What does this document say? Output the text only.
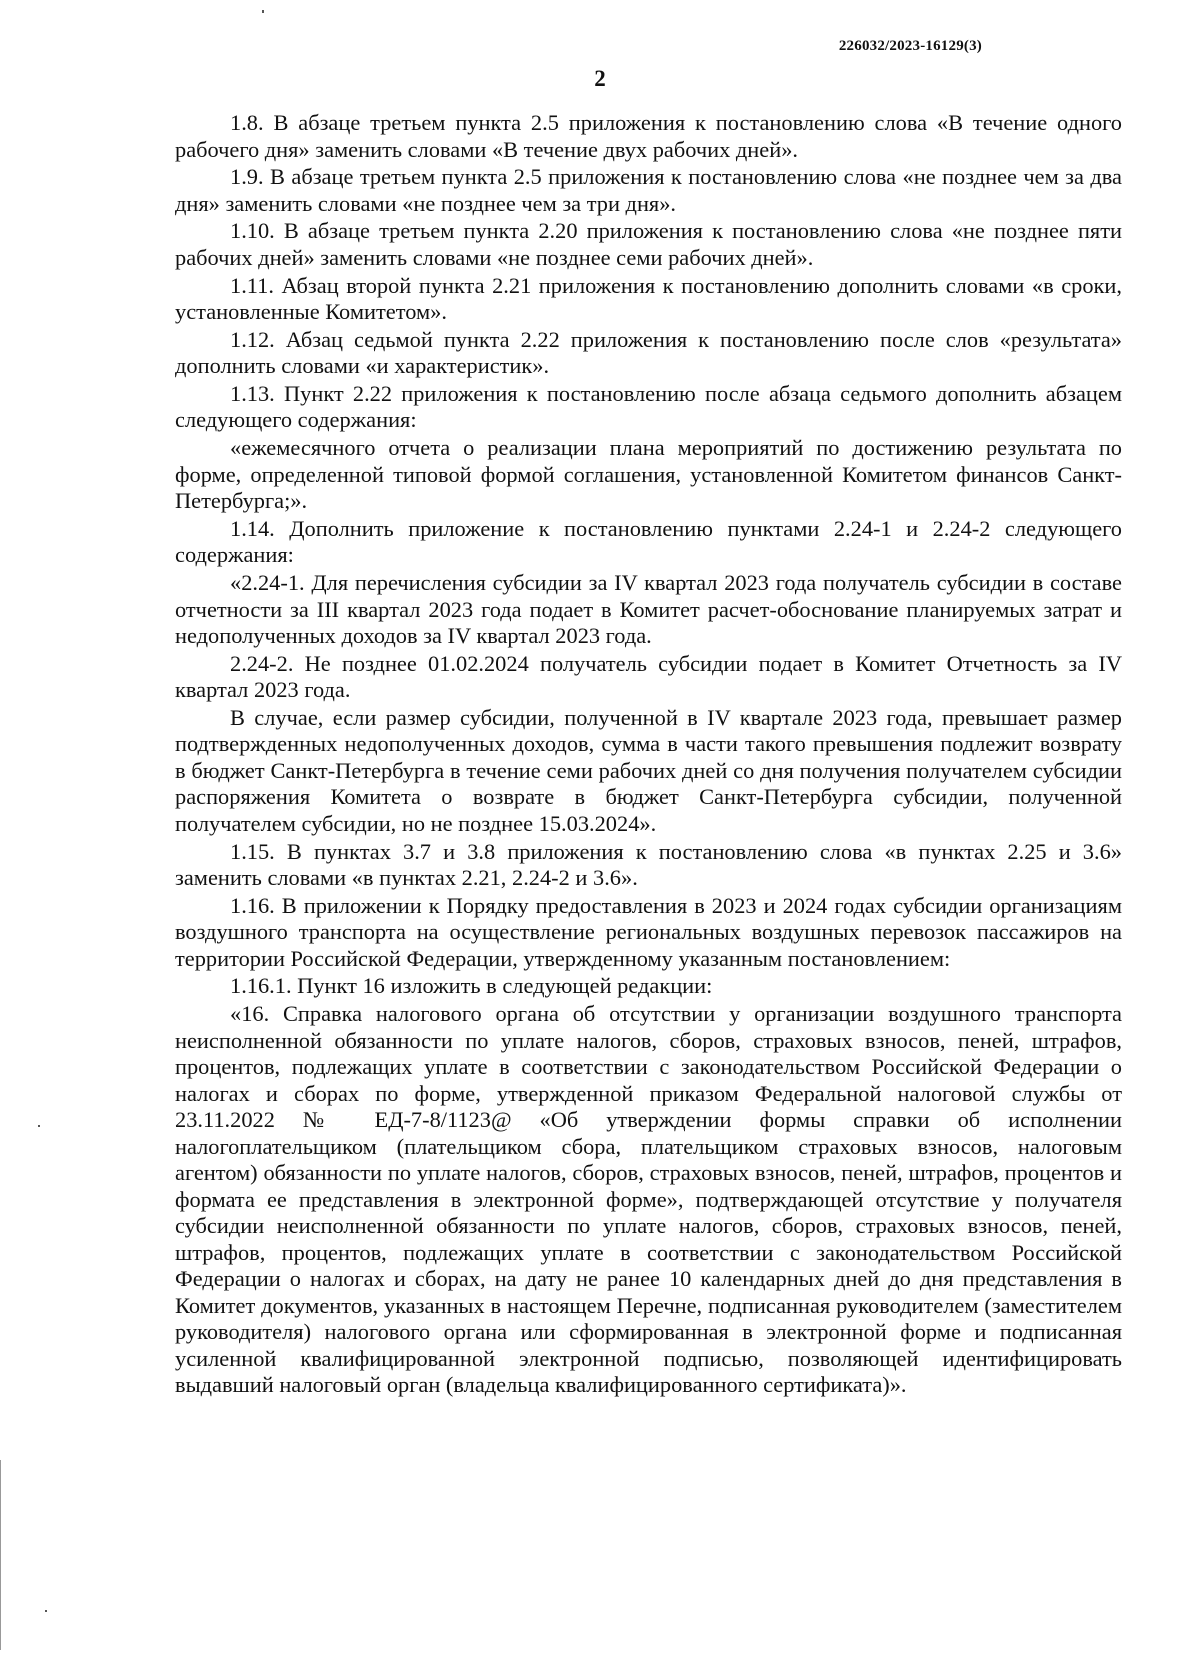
226032/2023-16129(3)
2

1.8. В абзаце третьем пункта 2.5 приложения к постановлению слова «В течение одного рабочего дня» заменить словами «В течение двух рабочих дней».

1.9. В абзаце третьем пункта 2.5 приложения к постановлению слова «не позднее чем за два дня» заменить словами «не позднее чем за три дня».

1.10. В абзаце третьем пункта 2.20 приложения к постановлению слова «не позднее пяти рабочих дней» заменить словами «не позднее семи рабочих дней».

1.11. Абзац второй пункта 2.21 приложения к постановлению дополнить словами «в сроки, установленные Комитетом».

1.12. Абзац седьмой пункта 2.22 приложения к постановлению после слов «результата» дополнить словами «и характеристик».

1.13. Пункт 2.22 приложения к постановлению после абзаца седьмого дополнить абзацем следующего содержания:

«ежемесячного отчета о реализации плана мероприятий по достижению результата по форме, определенной типовой формой соглашения, установленной Комитетом финансов Санкт-Петербурга;».

1.14. Дополнить приложение к постановлению пунктами 2.24-1 и 2.24-2 следующего содержания:

«2.24-1. Для перечисления субсидии за IV квартал 2023 года получатель субсидии в составе отчетности за III квартал 2023 года подает в Комитет расчет-обоснование планируемых затрат и недополученных доходов за IV квартал 2023 года.

2.24-2. Не позднее 01.02.2024 получатель субсидии подает в Комитет Отчетность за IV квартал 2023 года.

В случае, если размер субсидии, полученной в IV квартале 2023 года, превышает размер подтвержденных недополученных доходов, сумма в части такого превышения подлежит возврату в бюджет Санкт-Петербурга в течение семи рабочих дней со дня получения получателем субсидии распоряжения Комитета о возврате в бюджет Санкт-Петербурга субсидии, полученной получателем субсидии, но не позднее 15.03.2024».

1.15. В пунктах 3.7 и 3.8 приложения к постановлению слова «в пунктах 2.25 и 3.6» заменить словами «в пунктах 2.21, 2.24-2 и 3.6».

1.16. В приложении к Порядку предоставления в 2023 и 2024 годах субсидии организациям воздушного транспорта на осуществление региональных воздушных перевозок пассажиров на территории Российской Федерации, утвержденному указанным постановлением:

1.16.1. Пункт 16 изложить в следующей редакции:

«16. Справка налогового органа об отсутствии у организации воздушного транспорта неисполненной обязанности по уплате налогов, сборов, страховых взносов, пеней, штрафов, процентов, подлежащих уплате в соответствии с законодательством Российской Федерации о налогах и сборах по форме, утвержденной приказом Федеральной налоговой службы от 23.11.2022 № ЕД-7-8/1123@ «Об утверждении формы справки об исполнении налогоплательщиком (плательщиком сбора, плательщиком страховых взносов, налоговым агентом) обязанности по уплате налогов, сборов, страховых взносов, пеней, штрафов, процентов и формата ее представления в электронной форме», подтверждающей отсутствие у получателя субсидии неисполненной обязанности по уплате налогов, сборов, страховых взносов, пеней, штрафов, процентов, подлежащих уплате в соответствии с законодательством Российской Федерации о налогах и сборах, на дату не ранее 10 календарных дней до дня представления в Комитет документов, указанных в настоящем Перечне, подписанная руководителем (заместителем руководителя) налогового органа или сформированная в электронной форме и подписанная усиленной квалифицированной электронной подписью, позволяющей идентифицировать выдавший налоговый орган (владельца квалифицированного сертификата)».
